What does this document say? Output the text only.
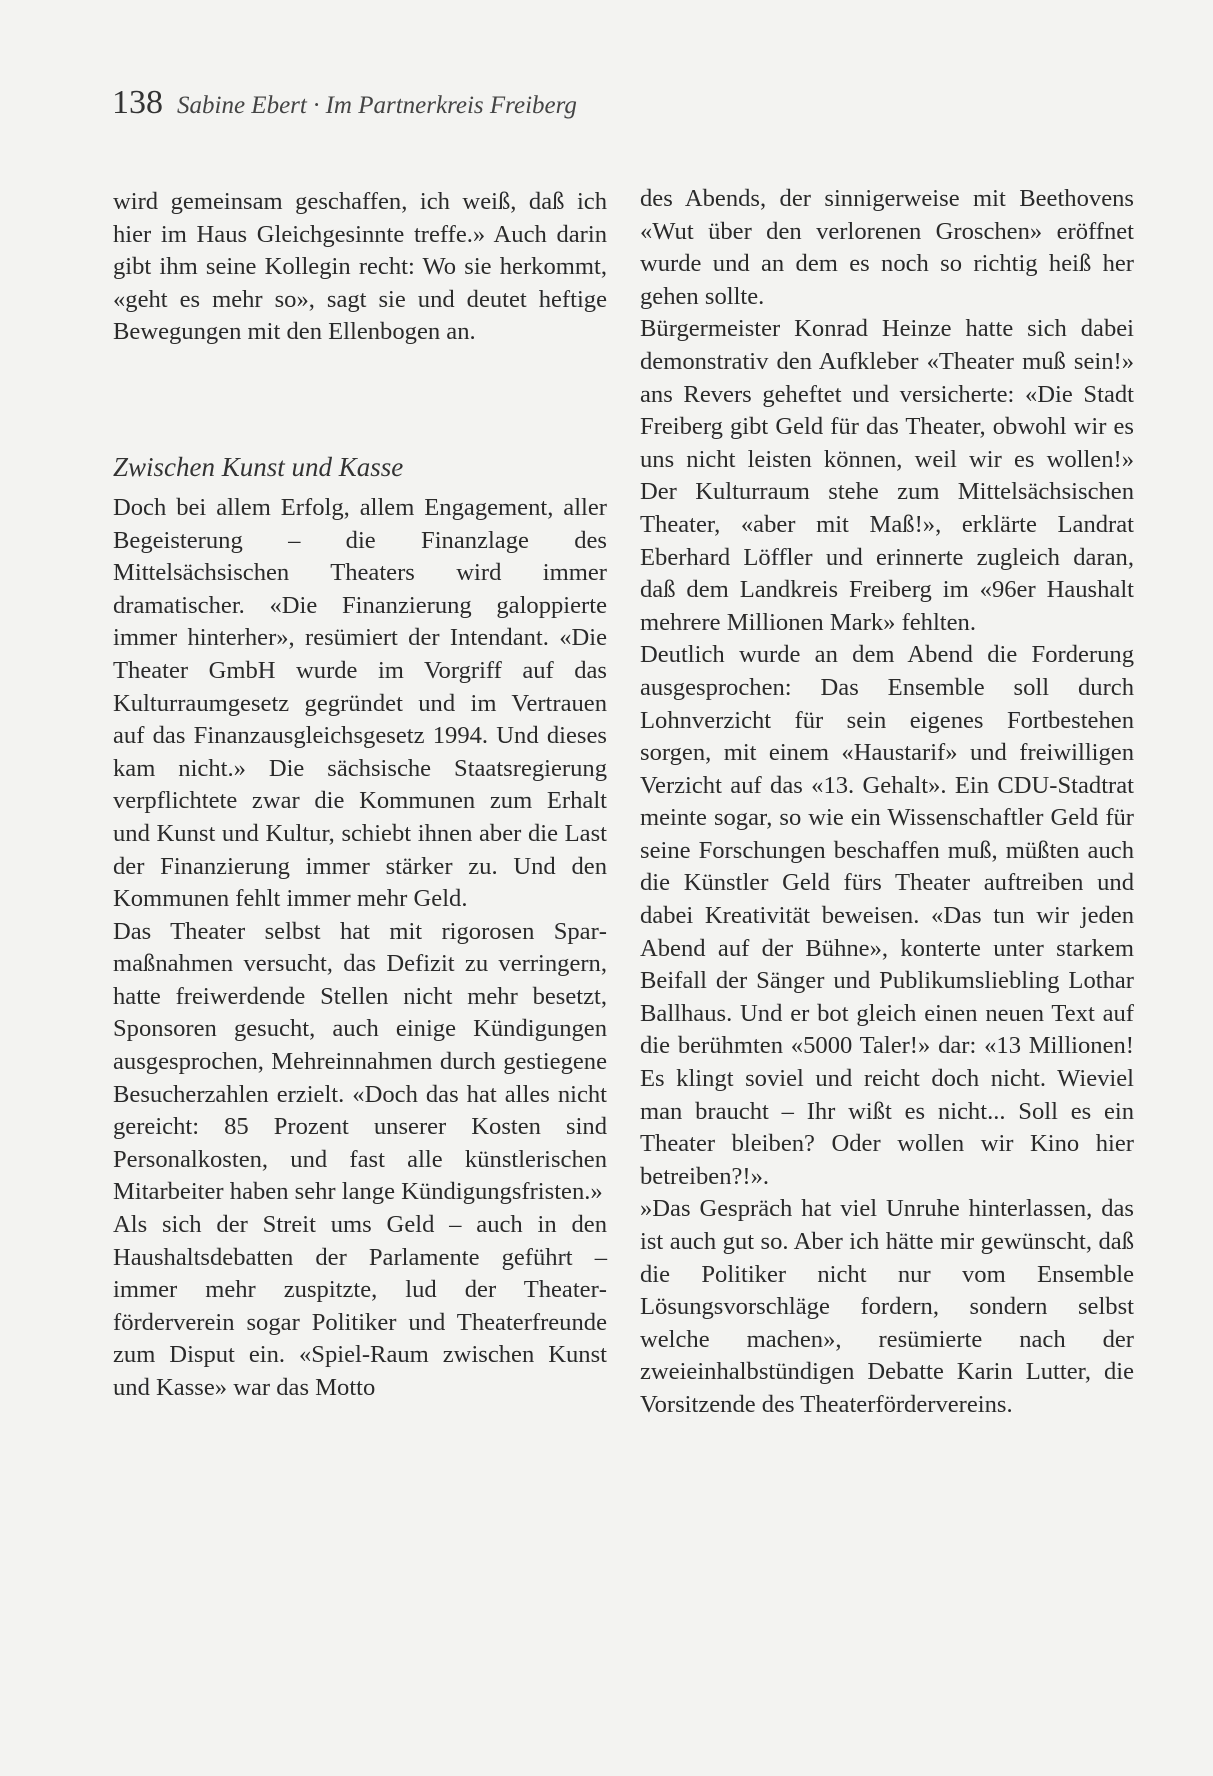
138 Sabine Ebert · Im Partnerkreis Freiberg

wird gemeinsam geschaffen, ich weiß, daß ich hier im Haus Gleichgesinnte treffe.» Auch darin gibt ihm seine Kollegin recht: Wo sie herkommt, «geht es mehr so», sagt sie und deutet heftige Bewegungen mit den Ellenbogen an.

Zwischen Kunst und Kasse

Doch bei allem Erfolg, allem Engagement, aller Begeisterung – die Finanzlage des Mittelsächsischen Theaters wird immer dramatischer. «Die Finanzierung galoppierte immer hinterher», resümiert der Intendant. «Die Theater GmbH wurde im Vorgriff auf das Kulturraumgesetz gegründet und im Vertrauen auf das Finanzausgleichsgesetz 1994. Und dieses kam nicht.» Die sächsische Staatsregierung verpflichtete zwar die Kommunen zum Erhalt und Kunst und Kultur, schiebt ihnen aber die Last der Finanzierung immer stärker zu. Und den Kommunen fehlt immer mehr Geld.

Das Theater selbst hat mit rigorosen Sparmaßnahmen versucht, das Defizit zu verringern, hatte freiwerdende Stellen nicht mehr besetzt, Sponsoren gesucht, auch einige Kündigungen ausgesprochen, Mehreinnahmen durch gestiegene Besucherzahlen erzielt. «Doch das hat alles nicht gereicht: 85 Prozent unserer Kosten sind Personalkosten, und fast alle künstlerischen Mitarbeiter haben sehr lange Kündigungsfristen.»

Als sich der Streit ums Geld – auch in den Haushaltsdebatten der Parlamente geführt – immer mehr zuspitzte, lud der Theaterförderverein sogar Politiker und Theaterfreunde zum Disput ein. «Spiel-Raum zwischen Kunst und Kasse» war das Motto

des Abends, der sinnigerweise mit Beethovens «Wut über den verlorenen Groschen» eröffnet wurde und an dem es noch so richtig heiß her gehen sollte.

Bürgermeister Konrad Heinze hatte sich dabei demonstrativ den Aufkleber «Theater muß sein!» ans Revers geheftet und versicherte: «Die Stadt Freiberg gibt Geld für das Theater, obwohl wir es uns nicht leisten können, weil wir es wollen!» Der Kulturraum stehe zum Mittelsächsischen Theater, «aber mit Maß!», erklärte Landrat Eberhard Löffler und erinnerte zugleich daran, daß dem Landkreis Freiberg im «96er Haushalt mehrere Millionen Mark» fehlten.

Deutlich wurde an dem Abend die Forderung ausgesprochen: Das Ensemble soll durch Lohnverzicht für sein eigenes Fortbestehen sorgen, mit einem «Haustarif» und freiwilligen Verzicht auf das «13. Gehalt». Ein CDU-Stadtrat meinte sogar, so wie ein Wissenschaftler Geld für seine Forschungen beschaffen muß, müßten auch die Künstler Geld fürs Theater auftreiben und dabei Kreativität beweisen. «Das tun wir jeden Abend auf der Bühne», konterte unter starkem Beifall der Sänger und Publikumsliebling Lothar Ballhaus. Und er bot gleich einen neuen Text auf die berühmten «5000 Taler!» dar: «13 Millionen! Es klingt soviel und reicht doch nicht. Wieviel man braucht – Ihr wißt es nicht... Soll es ein Theater bleiben? Oder wollen wir Kino hier betreiben?!».

»Das Gespräch hat viel Unruhe hinterlassen, das ist auch gut so. Aber ich hätte mir gewünscht, daß die Politiker nicht nur vom Ensemble Lösungsvorschläge fordern, sondern selbst welche machen», resümierte nach der zweieinhalbstündigen Debatte Karin Lutter, die Vorsitzende des Theaterfördervereins.
